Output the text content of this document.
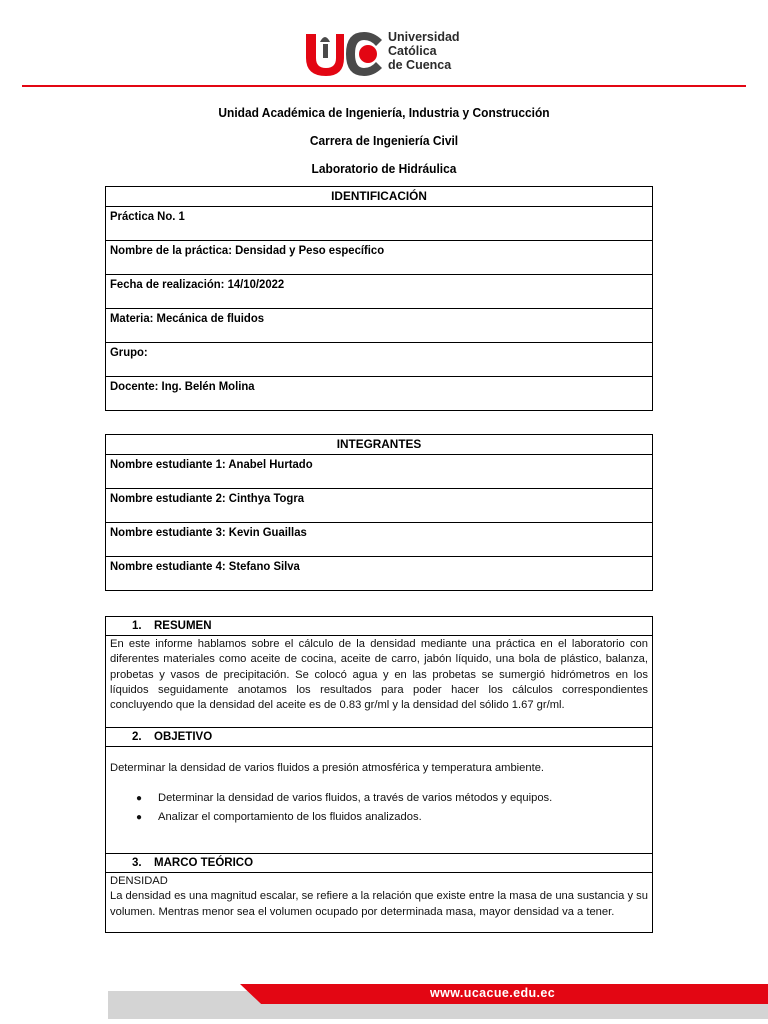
Universidad
Católica
de Cuenca
Unidad Académica de Ingeniería, Industria y Construcción
Carrera de Ingeniería Civil
Laboratorio de Hidráulica
IDENTIFICACIÓN
Práctica No. 1
Nombre de la práctica: Densidad y Peso específico
Fecha de realización: 14/10/2022
Materia: Mecánica de fluidos
Grupo:
Docente: Ing. Belén Molina
INTEGRANTES
Nombre estudiante 1: Anabel Hurtado
Nombre estudiante 2: Cinthya Togra
Nombre estudiante 3: Kevin Guaillas
Nombre estudiante 4: Stefano Silva
1. RESUMEN
En este informe hablamos sobre el cálculo de la densidad mediante una práctica en el laboratorio con diferentes materiales como aceite de cocina, aceite de carro, jabón líquido, una bola de plástico, balanza, probetas y vasos de precipitación. Se colocó agua y en las probetas se sumergió hidrómetros en los líquidos seguidamente anotamos los resultados para poder hacer los cálculos correspondientes concluyendo que la densidad del aceite es de 0.83 gr/ml y la densidad del sólido 1.67 gr/ml.
2. OBJETIVO

Determinar la densidad de varios fluidos a presión atmosférica y temperatura ambiente.

● Determinar la densidad de varios fluidos, a través de varios métodos y equipos.
● Analizar el comportamiento de los fluidos analizados.

3. MARCO TEÓRICO

DENSIDAD
La densidad es una magnitud escalar, se refiere a la relación que existe entre la masa de una sustancia y su volumen. Mentras menor sea el volumen ocupado por determinada masa, mayor densidad va a tener.
www.ucacue.edu.ec
